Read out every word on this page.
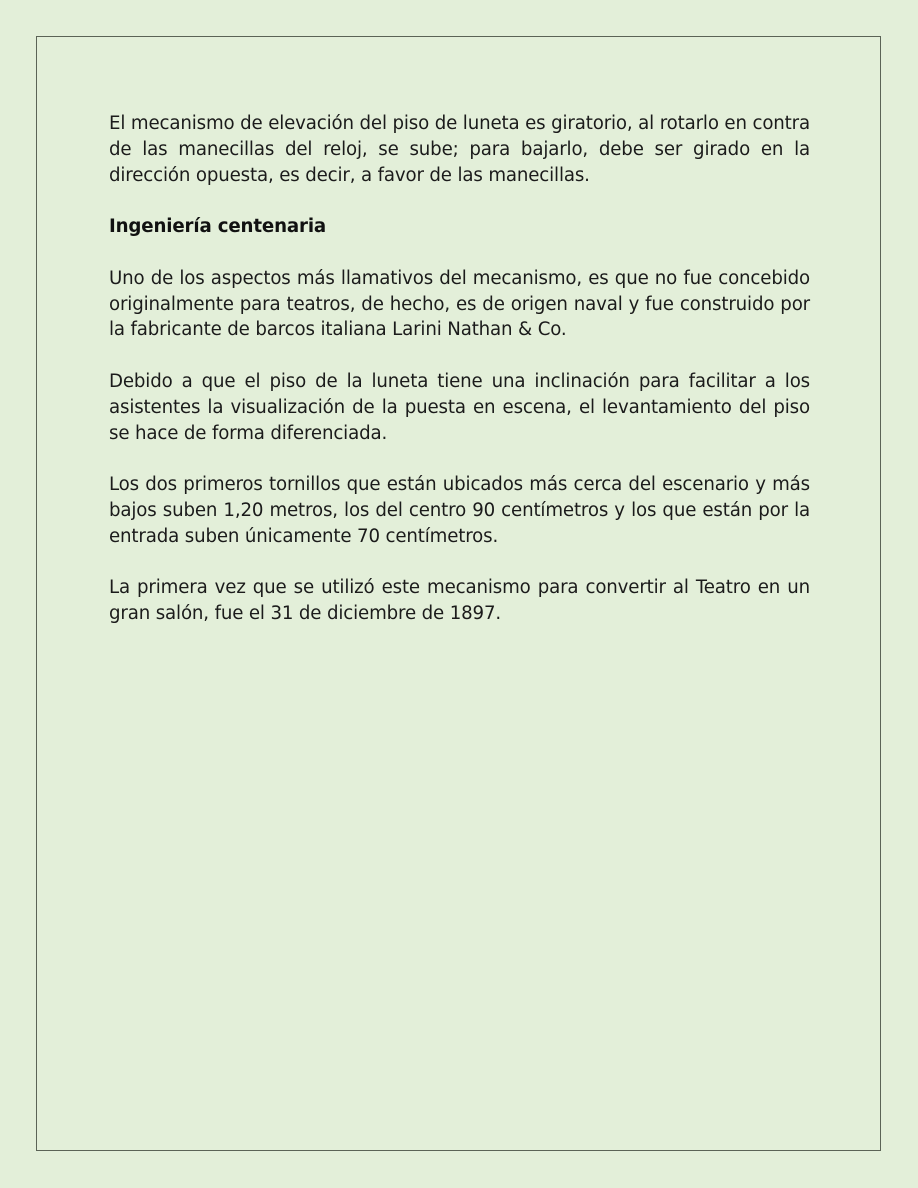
El mecanismo de elevación del piso de luneta es giratorio, al rotarlo en contra de las manecillas del reloj, se sube; para bajarlo, debe ser girado en la dirección opuesta, es decir, a favor de las manecillas.

Ingeniería centenaria

Uno de los aspectos más llamativos del mecanismo, es que no fue concebido originalmente para teatros, de hecho, es de origen naval y fue construido por la fabricante de barcos italiana Larini Nathan & Co.

Debido a que el piso de la luneta tiene una inclinación para facilitar a los asistentes la visualización de la puesta en escena, el levantamiento del piso se hace de forma diferenciada.

Los dos primeros tornillos que están ubicados más cerca del escenario y más bajos suben 1,20 metros, los del centro 90 centímetros y los que están por la entrada suben únicamente 70 centímetros.

La primera vez que se utilizó este mecanismo para convertir al Teatro en un gran salón, fue el 31 de diciembre de 1897.
